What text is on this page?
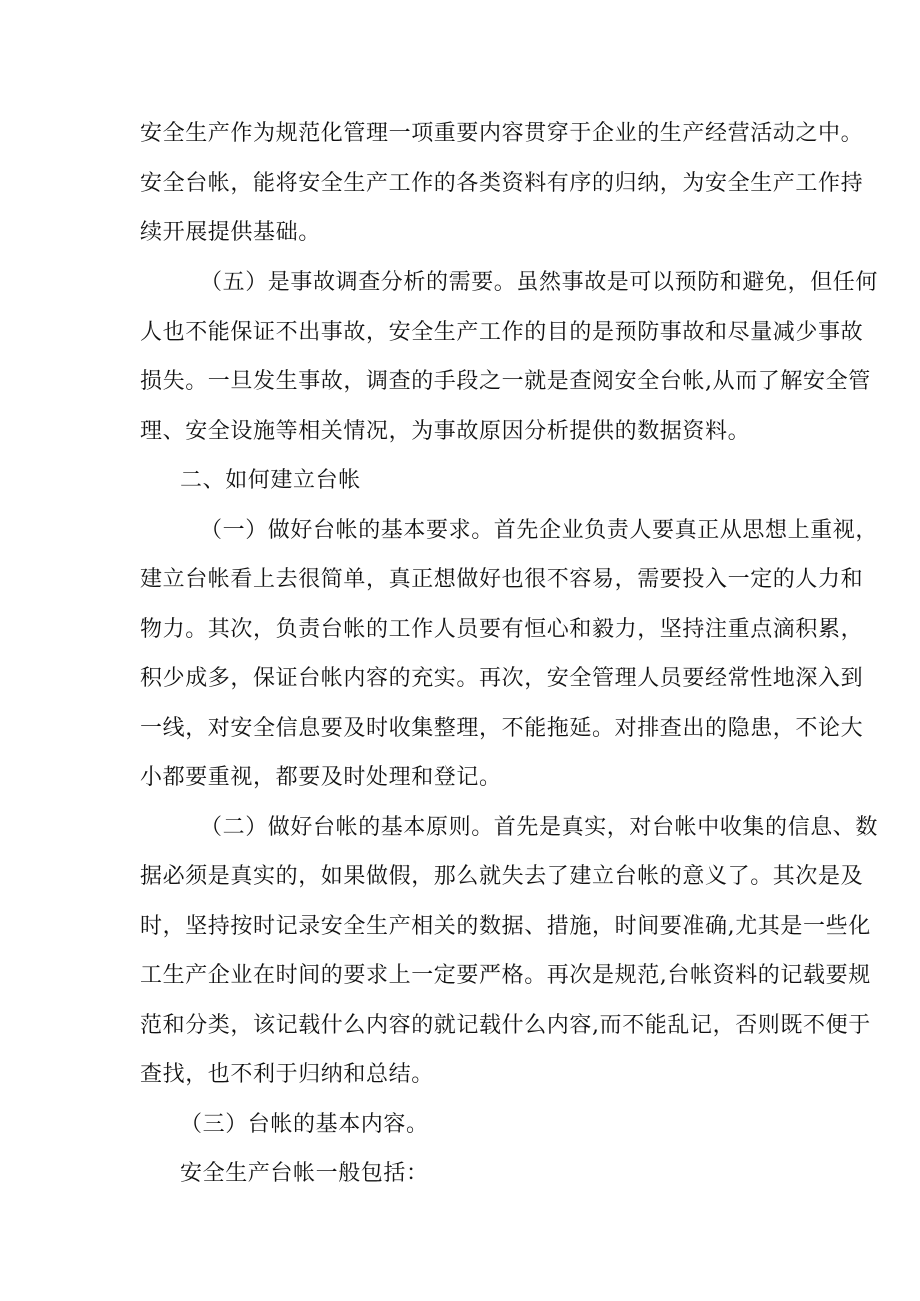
安全生产作为规范化管理一项重要内容贯穿于企业的生产经营活动之中。
安全台帐，能将安全生产工作的各类资料有序的归纳，为安全生产工作持
续开展提供基础。
（五）是事故调查分析的需要。虽然事故是可以预防和避免，但任何
人也不能保证不出事故，安全生产工作的目的是预防事故和尽量减少事故
损失。一旦发生事故，调查的手段之一就是查阅安全台帐,从而了解安全管
理、安全设施等相关情况，为事故原因分析提供的数据资料。
二、如何建立台帐
（一）做好台帐的基本要求。首先企业负责人要真正从思想上重视，
建立台帐看上去很简单，真正想做好也很不容易，需要投入一定的人力和
物力。其次，负责台帐的工作人员要有恒心和毅力，坚持注重点滴积累，
积少成多，保证台帐内容的充实。再次，安全管理人员要经常性地深入到
一线，对安全信息要及时收集整理，不能拖延。对排查出的隐患，不论大
小都要重视，都要及时处理和登记。
（二）做好台帐的基本原则。首先是真实，对台帐中收集的信息、数
据必须是真实的，如果做假，那么就失去了建立台帐的意义了。其次是及
时，坚持按时记录安全生产相关的数据、措施，时间要准确,尤其是一些化
工生产企业在时间的要求上一定要严格。再次是规范,台帐资料的记载要规
范和分类，该记载什么内容的就记载什么内容,而不能乱记，否则既不便于
查找，也不利于归纳和总结。
（三）台帐的基本内容。
安全生产台帐一般包括：
